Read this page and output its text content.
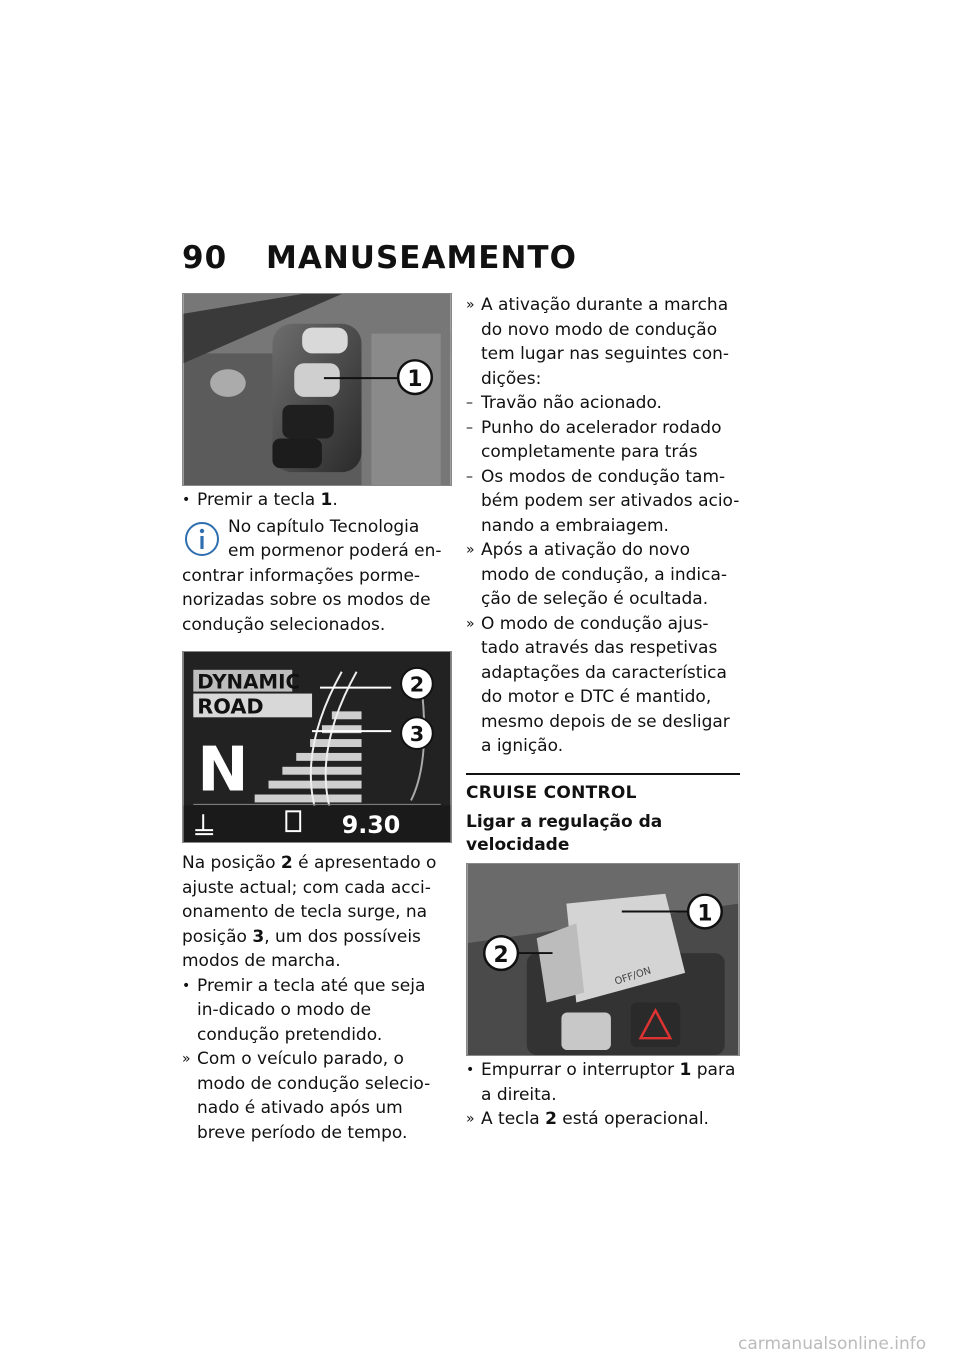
90 MANUSEAMENTO
1
• Premir a tecla 1.

No capítulo Tecnologia

em pormenor poderá en-

contrar informações porme-

norizadas sobre os modos de

condução selecionados.

DYNAMIC
ROAD
N
9.30
2
3

Na posição 2 é apresentado o ajuste actual; com cada acci-onamento de tecla surge, na posição 3, um dos possíveis modos de marcha.

• Premir a tecla até que seja in-dicado o modo de condução pretendido.
» Com o veículo parado, o modo de condução selecio-nado é ativado após um breve período de tempo.
» A ativação durante a marcha do novo modo de condução tem lugar nas seguintes con-dições:
– Travão não acionado.
– Punho do acelerador rodado completamente para trás
– Os modos de condução tam-bém podem ser ativados acio-nando a embraiagem.
» Após a ativação do novo modo de condução, a indica-ção de seleção é ocultada.
» O modo de condução ajus-tado através das respetivas adaptações da característica do motor e DTC é mantido, mesmo depois de se desligar a ignição.
CRUISE CONTROL
Ligar a regulação da velocidade
OFF/ON
1
2
• Empurrar o interruptor 1 para a direita.
» A tecla 2 está operacional.
carmanualsonline.info
